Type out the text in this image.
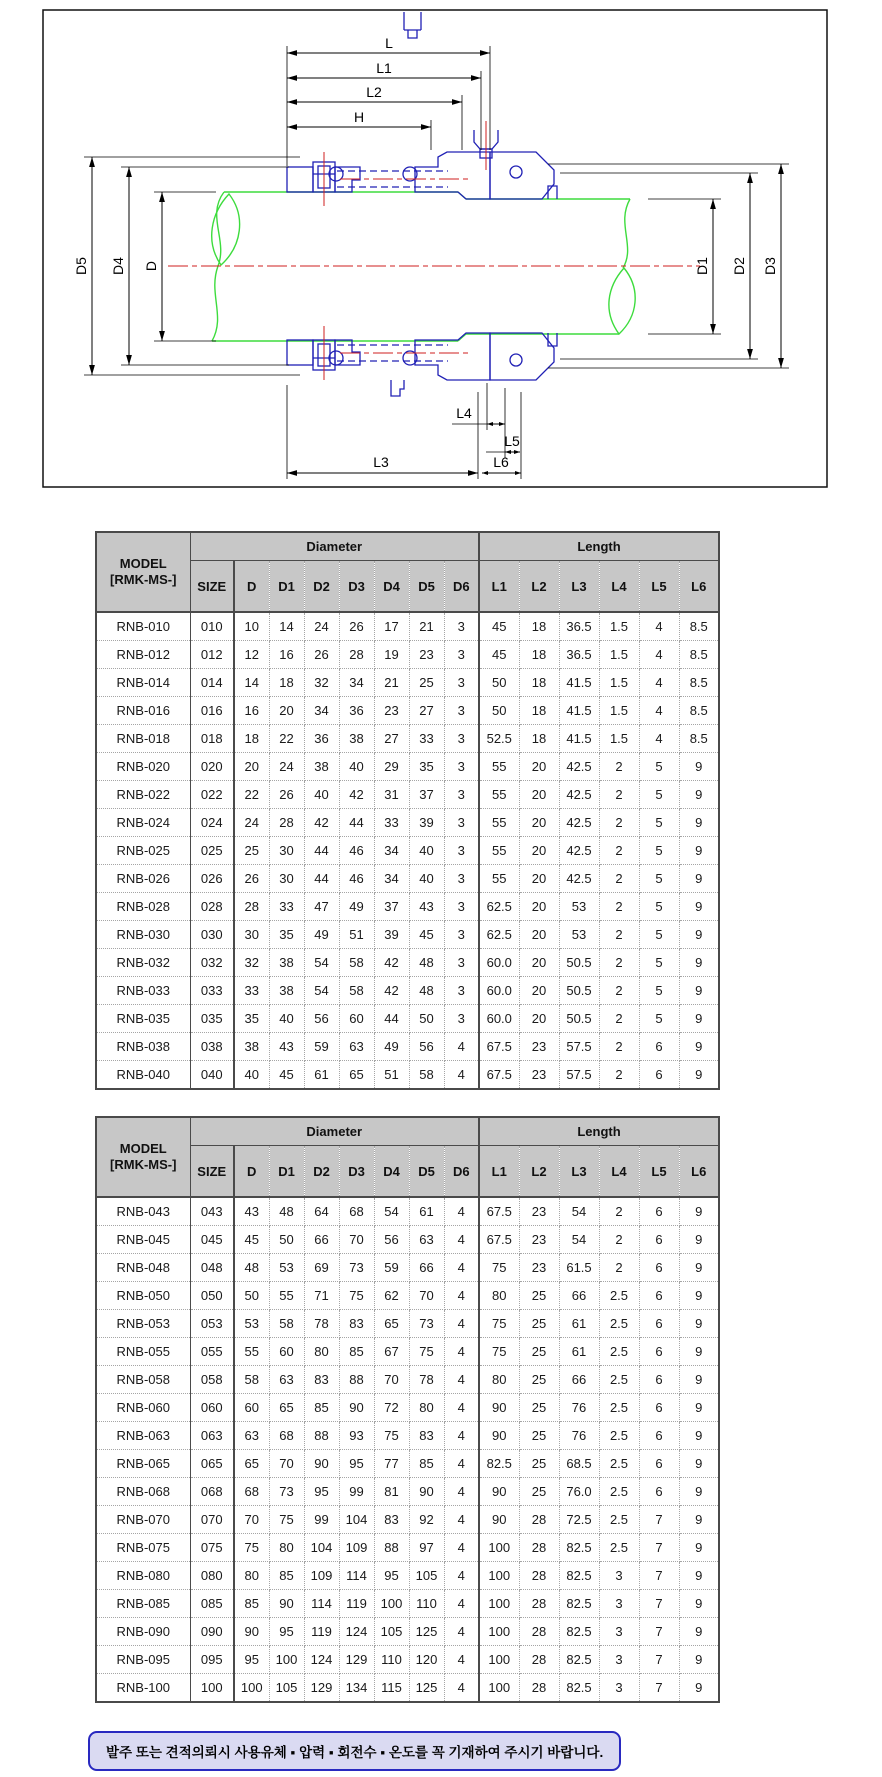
L
L1
L2
H
D5 D4 D	D1 D2 D3
L4
L5
L3	L6
MODEL
[RMK-MS-]	Diameter								Length					
	SIZE	D	D1	D2	D3	D4	D5	D6	L1	L2	L3	L4	L5	L6
RNB-010	010	10	14	24	26	17	21	3	45	18	36.5	1.5	4	8.5
RNB-012	012	12	16	26	28	19	23	3	45	18	36.5	1.5	4	8.5
RNB-014	014	14	18	32	34	21	25	3	50	18	41.5	1.5	4	8.5
RNB-016	016	16	20	34	36	23	27	3	50	18	41.5	1.5	4	8.5
RNB-018	018	18	22	36	38	27	33	3	52.5	18	41.5	1.5	4	8.5
RNB-020	020	20	24	38	40	29	35	3	55	20	42.5	2	5	9
RNB-022	022	22	26	40	42	31	37	3	55	20	42.5	2	5	9
RNB-024	024	24	28	42	44	33	39	3	55	20	42.5	2	5	9
RNB-025	025	25	30	44	46	34	40	3	55	20	42.5	2	5	9
RNB-026	026	26	30	44	46	34	40	3	55	20	42.5	2	5	9
RNB-028	028	28	33	47	49	37	43	3	62.5	20	53	2	5	9
RNB-030	030	30	35	49	51	39	45	3	62.5	20	53	2	5	9
RNB-032	032	32	38	54	58	42	48	3	60.0	20	50.5	2	5	9
RNB-033	033	33	38	54	58	42	48	3	60.0	20	50.5	2	5	9
RNB-035	035	35	40	56	60	44	50	3	60.0	20	50.5	2	5	9
RNB-038	038	38	43	59	63	49	56	4	67.5	23	57.5	2	6	9
RNB-040	040	40	45	61	65	51	58	4	67.5	23	57.5	2	6	9
MODEL
[RMK-MS-]	Diameter								Length					
	SIZE	D	D1	D2	D3	D4	D5	D6	L1	L2	L3	L4	L5	L6
RNB-043	043	43	48	64	68	54	61	4	67.5	23	54	2	6	9
RNB-045	045	45	50	66	70	56	63	4	67.5	23	54	2	6	9
RNB-048	048	48	53	69	73	59	66	4	75	23	61.5	2	6	9
RNB-050	050	50	55	71	75	62	70	4	80	25	66	2.5	6	9
RNB-053	053	53	58	78	83	65	73	4	75	25	61	2.5	6	9
RNB-055	055	55	60	80	85	67	75	4	75	25	61	2.5	6	9
RNB-058	058	58	63	83	88	70	78	4	80	25	66	2.5	6	9
RNB-060	060	60	65	85	90	72	80	4	90	25	76	2.5	6	9
RNB-063	063	63	68	88	93	75	83	4	90	25	76	2.5	6	9
RNB-065	065	65	70	90	95	77	85	4	82.5	25	68.5	2.5	6	9
RNB-068	068	68	73	95	99	81	90	4	90	25	76.0	2.5	6	9
RNB-070	070	70	75	99	104	83	92	4	90	28	72.5	2.5	7	9
RNB-075	075	75	80	104	109	88	97	4	100	28	82.5	2.5	7	9
RNB-080	080	80	85	109	114	95	105	4	100	28	82.5	3	7	9
RNB-085	085	85	90	114	119	100	110	4	100	28	82.5	3	7	9
RNB-090	090	90	95	119	124	105	125	4	100	28	82.5	3	7	9
RNB-095	095	95	100	124	129	110	120	4	100	28	82.5	3	7	9
RNB-100	100	100	105	129	134	115	125	4	100	28	82.5	3	7	9
발주 또는 견적의뢰시 사용유체 ▪ 압력 ▪ 회전수 ▪ 온도를 꼭 기재하여 주시기 바랍니다.
